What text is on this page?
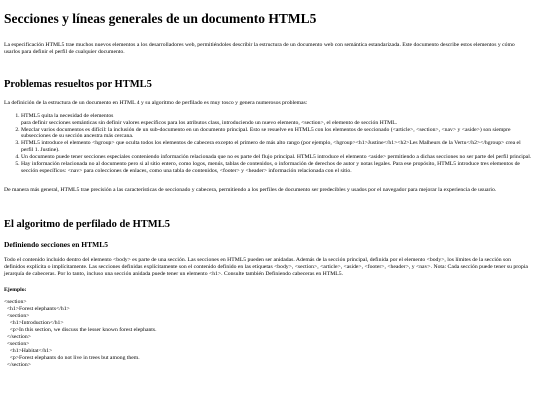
Secciones y líneas generales de un documento HTML5

La especificación HTML5 trae muchos nuevos elementos a los desarrolladores web, permitiéndoles describir la estructura de un documento web con semántica estandarizada. Este documento describe estos elementos y cómo usarlos para definir el perfil de cualquier documento.

Problemas resueltos por HTML5

La definición de la estructura de un documento en HTML 4 y su algoritmo de perfilado es muy tosco y genera numerosos problemas:

1. HTML5 quita la necesidad de elementos
para definir secciones semánticas sin definir valores específicos para los atributos class, introduciendo un nuevo elemento, <section>, el elemento de sección HTML.
2. Mezclar varios documentos es difícil: la inclusión de un sub-documento en un documento principal. Esto se resuelve en HTML5 con los elementos de seccionado (<article>, <section>, <nav> y <aside>) son siempre subsecciones de su sección ancestra más cercana.
3. HTML5 introduce el elemento <hgroup> que oculta todos los elementos de cabecera excepto el primero de más alto rango (por ejemplo, <hgroup><h1>Justine</h1><h2>Les Malheurs de la Vertu</h2></hgroup> crea el perfil 1. Justine).
4. Un documento puede tener secciones especiales conteniendo información relacionada que no es parte del flujo principal. HTML5 introduce el elemento <aside> permitiendo a dichas secciones no ser parte del perfil principal.
5. Hay información relacionada no al documento pero si al sitio entero, como logos, menús, tablas de contenidos, o información de derechos de autor y notas legales. Para ese propósito, HTML5 introduce tres elementos de sección específicos: <nav> para colecciones de enlaces, como una tabla de contenidos, <footer> y <header> información relacionada con el sitio.

De manera más general, HTML5 trae precisión a las características de seccionado y cabecera, permitiendo a los perfiles de documento ser predecibles y usados por el navegador para mejorar la experiencia de usuario.

El algoritmo de perfilado de HTML5
Definiendo secciones en HTML5

Todo el contenido incluido dentro del elemento <body> es parte de una sección. Las secciones en HTML5 pueden ser anidadas. Además de la sección principal, definida por el elemento <body>, los límites de la sección son definidos explícita o implícitamente. Las secciones definidas explícitamente son el contenido definido en las etiquetas <body>, <section>, <article>, <aside>, <footer>, <header>, y <nav>. Nota: Cada sección puede tener su propia jerarquía de cabeceras. Por lo tanto, incluso una sección anidada puede tener un elemento <h1>. Consulte también Definiendo cabeceras en HTML5.

Ejemplo:

<section>
<h1>Forest elephants</h1>
<section>
<h1>Introduction</h1>
<p>In this section, we discuss the lesser known forest elephants.
</section>
<section>
<h1>Habitat</h1>
<p>Forest elephants do not live in trees but among them.
</section>
